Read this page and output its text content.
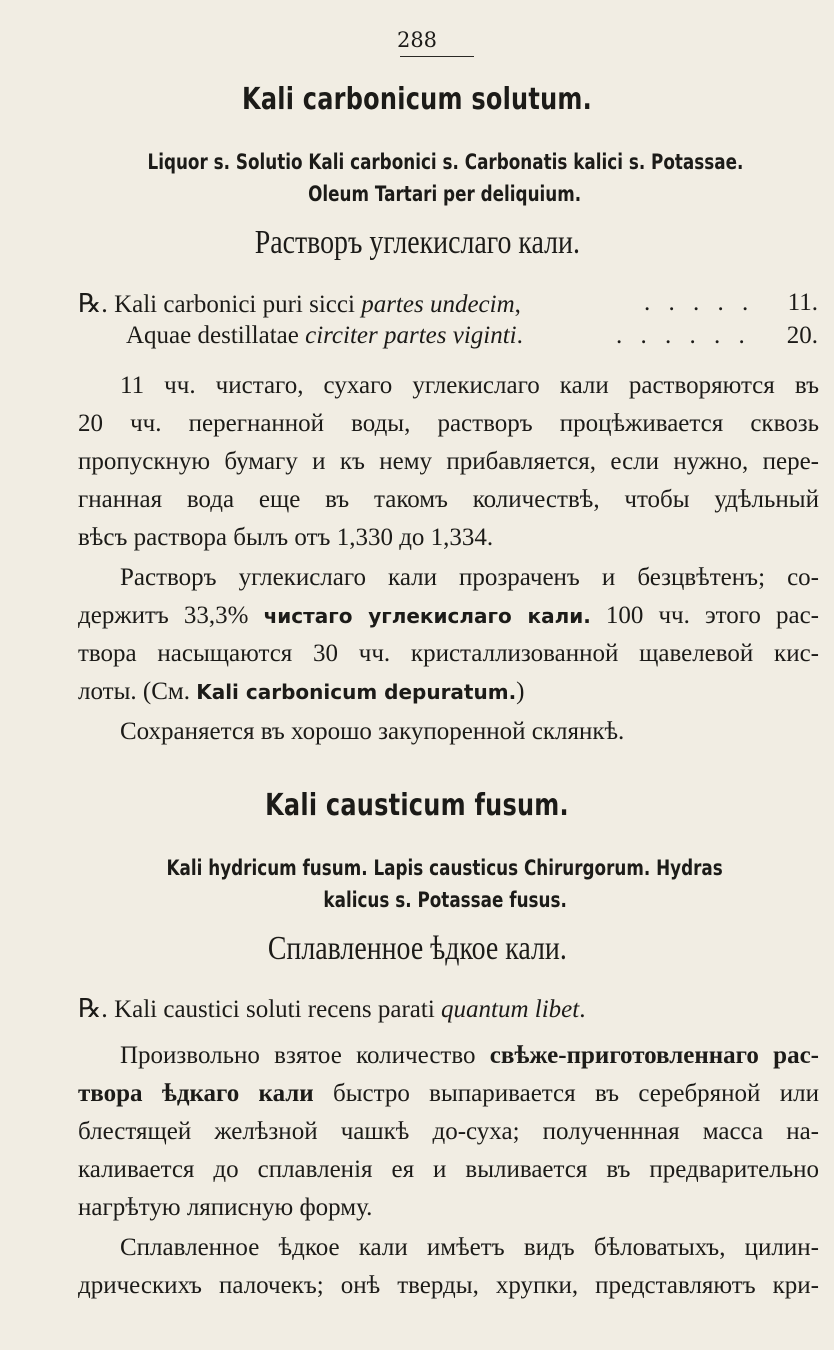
⠀
288
Kali carbonicum solutum.
Liquor s. Solutio Kali carbonici s. Carbonatis kalici s. Potassae.
Oleum Tartari per deliquium.
Растворъ углекислаго кали.
℞. Kali carbonici puri sicci partes undecim,	. . . . . 11.
Aquae destillatae circiter partes viginti.	. . . . . . 20.
11 чч. чистаго, сухаго углекислаго кали растворяются въ
20 чч. перегнанной воды, растворъ процѣживается сквозь
пропускную бумагу и къ нему прибавляется, если нужно, пере-
гнанная вода еще въ такомъ количествѣ, чтобы удѣльный
вѣсъ раствора былъ отъ 1,330 до 1,334.
Растворъ углекислаго кали прозраченъ и безцвѣтенъ; со-
держитъ 33,3% чистаго углекислаго кали. 100 чч. этого рас-
твора насыщаются 30 чч. кристаллизованной щавелевой кис-
лоты. (См. Kali carbonicum depuratum.)
Сохраняется въ хорошо закупоренной склянкѣ.
Kali causticum fusum.
Kali hydricum fusum. Lapis causticus Chirurgorum. Hydras
kalicus s. Potassae fusus.
Сплавленное ѣдкое кали.
℞. Kali caustici soluti recens parati quantum libet.
Произвольно взятое количество свѣже-приготовленнаго рас-
твора ѣдкаго кали быстро выпаривается въ серебряной или
блестящей желѣзной чашкѣ до-суха; полученнная масса на-
каливается до сплавленія ея и выливается въ предварительно
нагрѣтую ляписную форму.
Сплавленное ѣдкое кали имѣетъ видъ бѣловатыхъ, цилин-
дрическихъ палочекъ; онѣ тверды, хрупки, представляютъ кри-
